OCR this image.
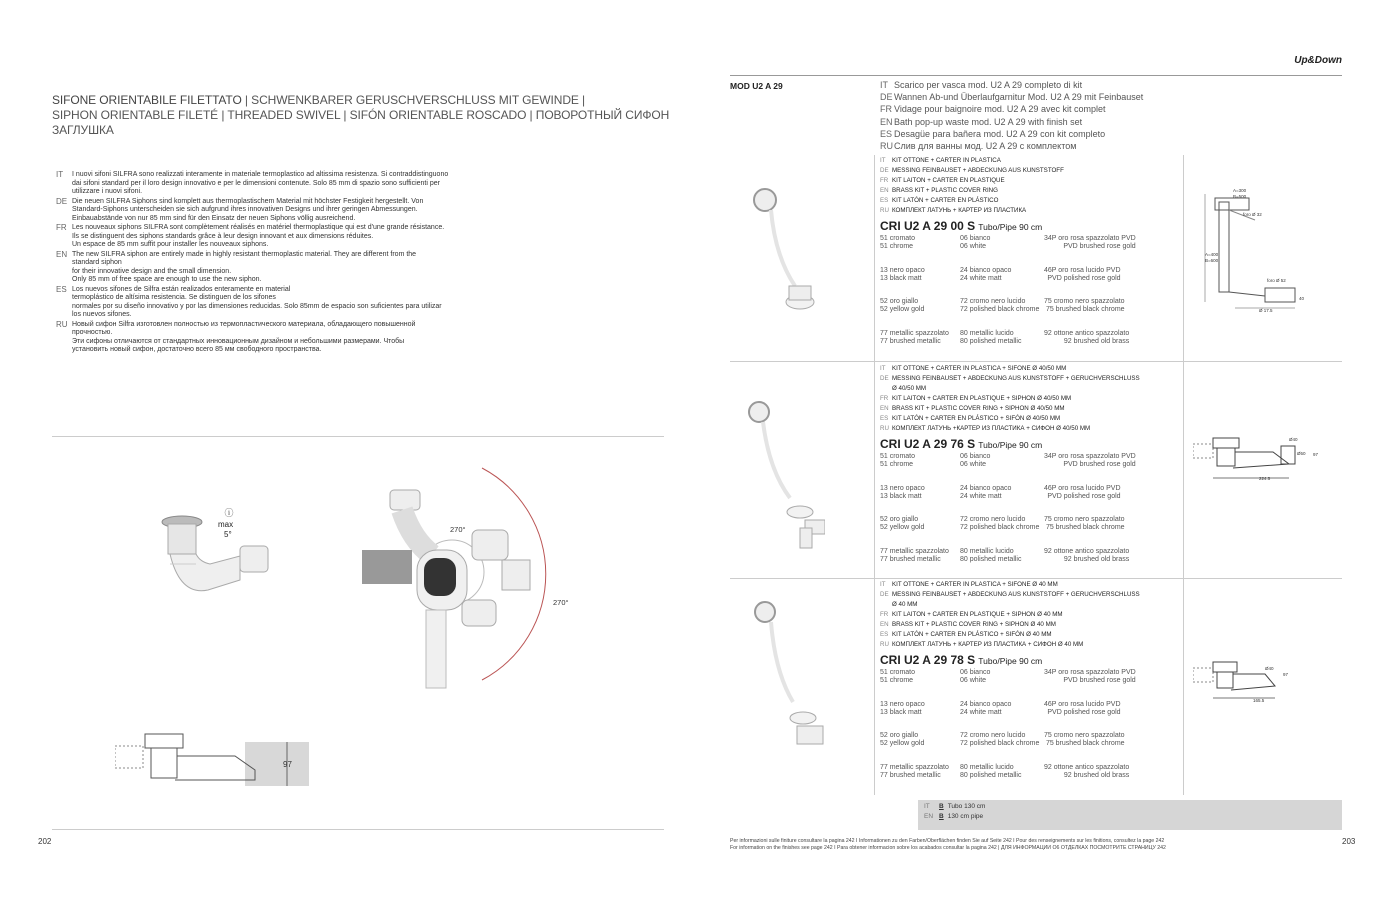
SIFONE ORIENTABILE FILETTATO | SCHWENKBARER GERUSCHVERSCHLUSS MIT GEWINDE |
SIPHON ORIENTABLE FILETÉ | THREADED SWIVEL | SIFÓN ORIENTABLE ROSCADO | ПОВОРОТНЫЙ СИФОН ЗАГЛУШКА
IT	I nuovi sifoni SILFRA sono realizzati interamente in materiale termoplastico ad altissima resistenza. Si contraddistinguono
dai sifoni standard per il loro design innovativo e per le dimensioni contenute. Solo 85 mm di spazio sono sufficienti per
utilizzare i nuovi sifoni.
DE Die neuen SILFRA Siphons sind komplett aus thermoplastischem Material mit höchster Festigkeit hergestellt. Von
Standard-Siphons unterscheiden sie sich aufgrund ihres innovativen Designs und ihrer geringen Abmessungen.
Einbauabstände von nur 85 mm sind für den Einsatz der neuen Siphons völlig ausreichend.
FR Les nouveaux siphons SILFRA sont complètement réalisés en matériel thermoplastique qui est d'une grande résistance.
Ils se distinguent des siphons standards grâce à leur design innovant et aux dimensions réduites.
Un espace de 85 mm suffit pour installer les nouveaux siphons.
EN The new SILFRA siphon are entirely made in highly resistant thermoplastic material. They are different from the
standard siphon
for their innovative design and the small dimension.
Only 85 mm of free space are enough to use the new siphon.
ES Los nuevos sifones de Silfra están realizados enteramente en material
termoplástico de altísima resistencia. Se distinguen de los sifones
normales por su diseño innovativo y por las dimensiones reducidas. Solo 85mm de espacio son suficientes para utilizar
los nuevos sifones.
RU Новый сифон Silfra изготовлен полностью из термопластического материала, обладающего повышенной
прочностью.
Эти сифоны отличаются от стандартных инновационным дизайном и небольшими размерами. Чтобы
установить новый сифон, достаточно всего 85 мм свободного пространства.
ⓘ
max
5°
270°
270°
97
202
Up&Down
MOD U2 A 29	IT Scarico per vasca mod. U2 A 29 completo di kit
DEWannen Ab-und Überlaufgarnitur Mod. U2 A 29 mit Feinbauset
FR Vidage pour baignoire mod. U2 A 29 avec kit complet
ENBath pop-up waste mod. U2 A 29 with finish set
ES Desagüe para bañera mod. U2 A 29 con kit completo
RUСлив для ванны мод. U2 A 29 с комплектом
IT KIT OTTONE + CARTER IN PLASTICA
DE MESSING FEINBAUSET + ABDECKUNG AUS KUNSTSTOFF
FR KIT LAITON + CARTER EN PLASTIQUE
EN BRASS KIT + PLASTIC COVER RING
ES KIT LATÓN + CARTER EN PLÁSTICO
RU КОМПЛЕКТ ЛАТУНЬ + КАРТЕР ИЗ ПЛАСТИКА
CRI U2 A 29 00 S Tubo/Pipe 90 cm
51 cromato
51 chrome
06 bianco
06 white
34P oro rosa spazzolato PVD
PVD brushed rose gold
13 nero opaco
13 black matt
24 bianco opaco
24 white matt
46P oro rosa lucido PVD
PVD polished rose gold
52 oro giallo
52 yellow gold
72 cromo nero lucido
72 polished black chrome
75 cromo nero spazzolato
75 brushed black chrome
77 metallic spazzolato
77 brushed metallic
80 metallic lucido
80 polished metallic
92 ottone antico spazzolato
92 brushed old brass
IT KIT OTTONE + CARTER IN PLASTICA + SIFONE Ø 40/50 MM
DE MESSING FEINBAUSET + ABDECKUNG AUS KUNSTSTOFF + GERUCHVERSCHLUSS
Ø 40/50 MM
FR KIT LAITON + CARTER EN PLASTIQUE + SIPHON Ø 40/50 MM
EN BRASS KIT + PLASTIC COVER RING + SIPHON Ø 40/50 MM
ES KIT LATÓN + CARTER EN PLÁSTICO + SIFÓN Ø 40/50 MM
RU КОМПЛЕКТ ЛАТУНЬ +КАРТЕР ИЗ ПЛАСТИКА + СИФОН Ø 40/50 MM
CRI U2 A 29 76 S Tubo/Pipe 90 cm
51 cromato
51 chrome
06 bianco
06 white
34P oro rosa spazzolato PVD
PVD brushed rose gold
13 nero opaco
13 black matt
24 bianco opaco
24 white matt
46P oro rosa lucido PVD
PVD polished rose gold
52 oro giallo
52 yellow gold
72 cromo nero lucido
72 polished black chrome
75 cromo nero spazzolato
75 brushed black chrome
77 metallic spazzolato
77 brushed metallic
80 metallic lucido
80 polished metallic
92 ottone antico spazzolato
92 brushed old brass
IT KIT OTTONE + CARTER IN PLASTICA + SIFONE Ø 40 MM
DE MESSING FEINBAUSET + ABDECKUNG AUS KUNSTSTOFF + GERUCHVERSCHLUSS
Ø 40 MM
FR KIT LAITON + CARTER EN PLASTIQUE + SIPHON Ø 40 MM
EN BRASS KIT + PLASTIC COVER RING + SIPHON Ø 40 MM
ES KIT LATÓN + CARTER EN PLÁSTICO + SIFÓN Ø 40 MM
RU КОМПЛЕКТ ЛАТУНЬ + КАРТЕР ИЗ ПЛАСТИКА + СИФОН Ø 40 MM
CRI U2 A 29 78 S Tubo/Pipe 90 cm
51 cromato
51 chrome
06 bianco
06 white
34P oro rosa spazzolato PVD
PVD brushed rose gold
13 nero opaco
13 black matt
24 bianco opaco
24 white matt
46P oro rosa lucido PVD
PVD polished rose gold
52 oro giallo
52 yellow gold
72 cromo nero lucido
72 polished black chrome
75 cromo nero spazzolato
75 brushed black chrome
77 metallic spazzolato
77 brushed metallic
80 metallic lucido
80 polished metallic
92 ottone antico spazzolato
92 brushed old brass
A=300
B=500
foro Ø 32
foro Ø 52
Ø 17.5
A=400
B=600
40
Ø40
Ø50 97
224.5
Ø40
97
165.5
IT B Tubo 130 cm
EN B 130 cm pipe
Per informazioni sulle finiture consultare la pagina 242 I Informationen zu den Farben/Oberflächen finden Sie auf Seite 242 I Pour des renseignements sur les finitions, consultez la page 242
For information on the finishes see page 242 I Para obtener informacion sobre los acabados consultar la pagina 242 | ДЛЯ ИНФОРМАЦИИ О6 ОТДЕЛКАХ ПОСМОТРИТЕ СТРАНИЦУ 242
203
